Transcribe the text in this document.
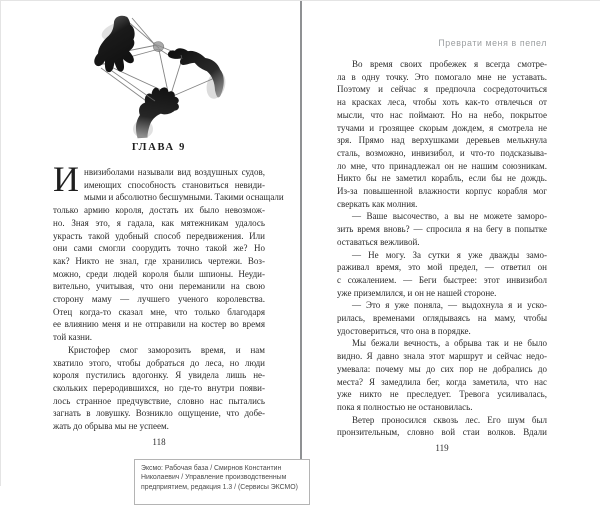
ГЛАВА 9
И нвизиболами называли вид воздушных судов,
имеющих способность становиться невиди-
мыми и абсолютно бесшумными. Такими оснащали
только армию короля, достать их было невозмож-
но. Зная это, я гадала, как мятежникам удалось
украсть такой удобный способ передвижения. Или
они сами смогли соорудить точно такой же? Но
как? Никто не знал, где хранились чертежи. Воз-
можно, среди людей короля были шпионы. Неуди-
вительно, учитывая, что они переманили на свою
сторону маму — лучшего ученого королевства.
Отец когда-то сказал мне, что только благодаря
ее влиянию меня и не отправили на костер во время
той казни.
Кристофер смог заморозить время, и нам
хватило этого, чтобы добраться до леса, но люди
короля пустились вдогонку. Я увидела лишь не-
скольких переродившихся, но где-то внутри появи-
лось странное предчувствие, словно нас пытались
загнать в ловушку. Возникло ощущение, что добе-
жать до обрыва мы не успеем.
118
Преврати меня в пепел
Во время своих пробежек я всегда смотре-
ла в одну точку. Это помогало мне не уставать.
Поэтому и сейчас я предпочла сосредоточиться
на красках леса, чтобы хоть как-то отвлечься от
мысли, что нас поймают. Но на небо, покрытое
тучами и грозящее скорым дождем, я смотрела не
зря. Прямо над верхушками деревьев мелькнула
сталь, возможно, инвизибол, и что-то подсказыва-
ло мне, что принадлежал он не нашим союзникам.
Никто бы не заметил корабль, если бы не дождь.
Из-за повышенной влажности корпус корабля мог
сверкать как молния.
— Ваше высочество, а вы не можете заморо-
зить время вновь? — спросила я на бегу в попытке
оставаться вежливой.
— Не могу. За сутки я уже дважды замо-
раживал время, это мой предел, — ответил он
с сожалением. — Беги быстрее: этот инвизибол
уже приземлился, и он не нашей стороне.
— Это я уже поняла, — выдохнула я и уско-
рилась, временами оглядываясь на маму, чтобы
удостовериться, что она в порядке.
Мы бежали вечность, а обрыва так и не было
видно. Я давно знала этот маршрут и сейчас недо-
умевала: почему мы до сих пор не добрались до
места? Я замедлила бег, когда заметила, что нас
уже никто не преследует. Тревога усиливалась,
пока я полностью не остановилась.
Ветер проносился сквозь лес. Его шум был
пронзительным, словно вой стаи волков. Вдали
119
Эксмо: Рабочая база / Смирнов Константин
Николаевич / Управление производственным
предприятием, редакция 1.3 / (Сервисы ЭКСМО)
